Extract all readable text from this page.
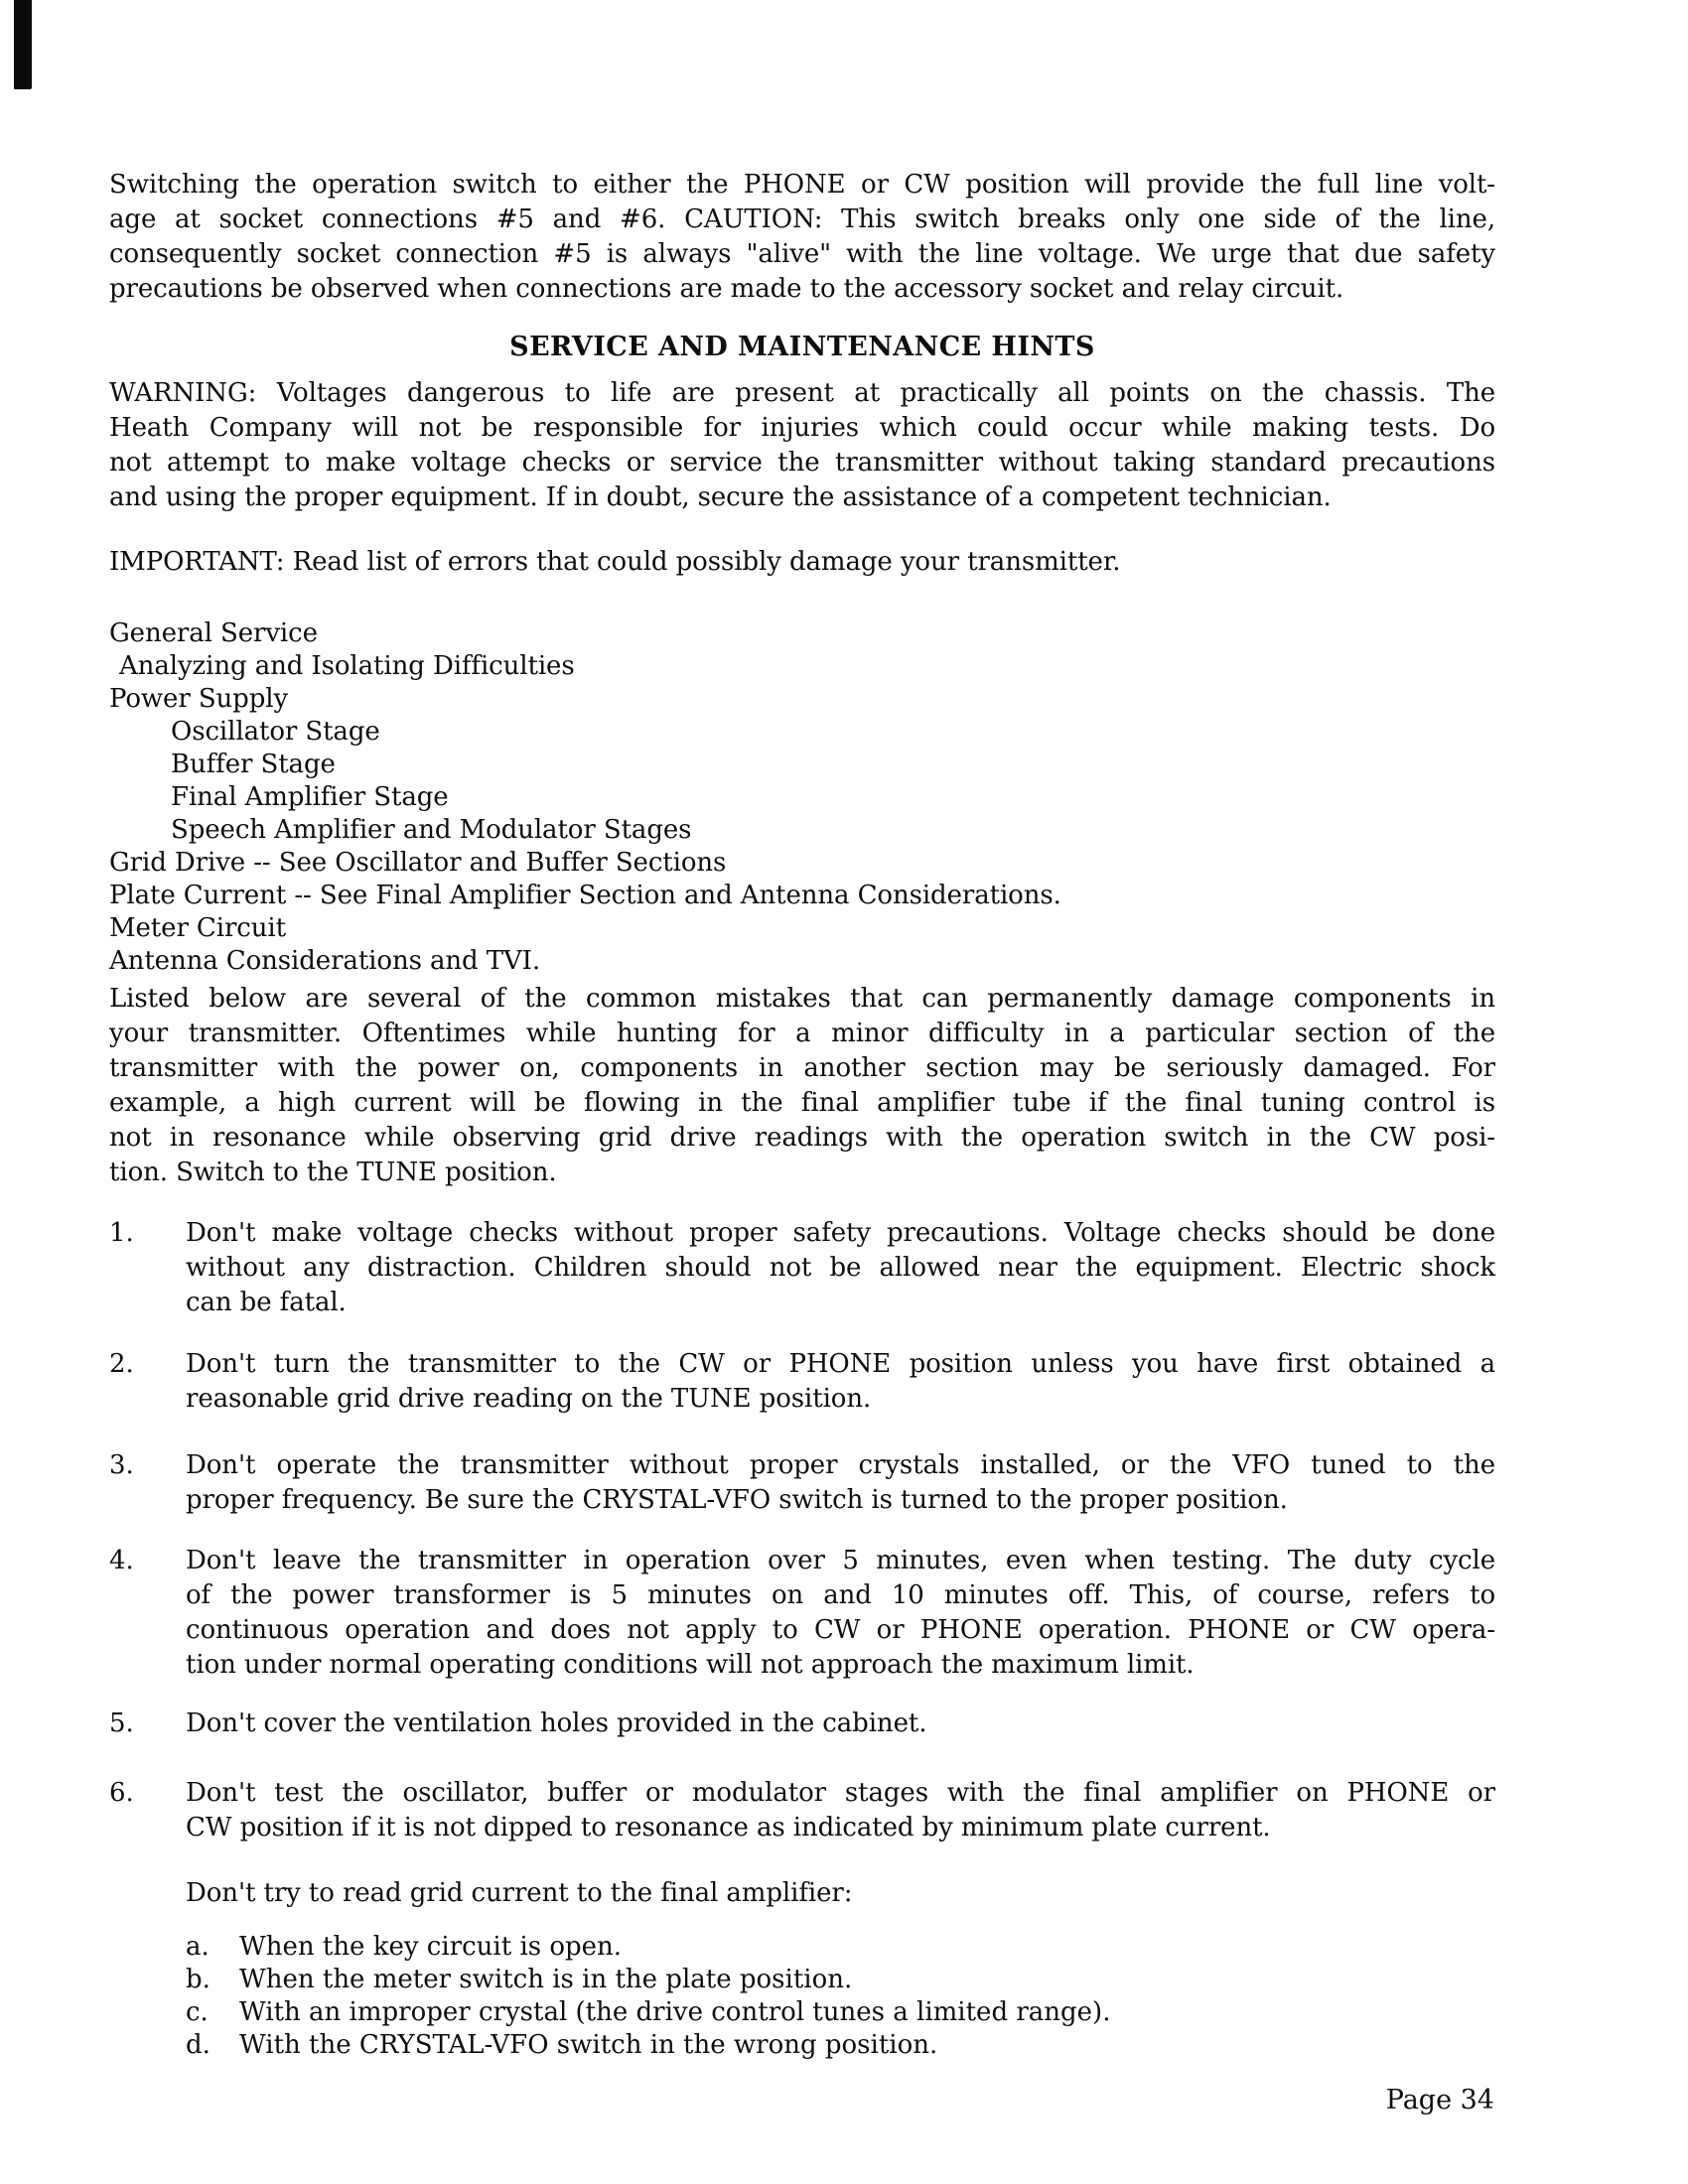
Switching the operation switch to either the PHONE or CW position will provide the full line volt-
age at socket connections #5 and #6. CAUTION: This switch breaks only one side of the line,
consequently socket connection #5 is always "alive" with the line voltage. We urge that due safety
precautions be observed when connections are made to the accessory socket and relay circuit.
SERVICE AND MAINTENANCE HINTS
WARNING: Voltages dangerous to life are present at practically all points on the chassis. The
Heath Company will not be responsible for injuries which could occur while making tests. Do
not attempt to make voltage checks or service the transmitter without taking standard precautions
and using the proper equipment. If in doubt, secure the assistance of a competent technician.
IMPORTANT: Read list of errors that could possibly damage your transmitter.
General Service
Analyzing and Isolating Difficulties
Power Supply
Oscillator Stage
Buffer Stage
Final Amplifier Stage
Speech Amplifier and Modulator Stages
Grid Drive -- See Oscillator and Buffer Sections
Plate Current -- See Final Amplifier Section and Antenna Considerations.
Meter Circuit
Antenna Considerations and TVI.
Listed below are several of the common mistakes that can permanently damage components in
your transmitter. Oftentimes while hunting for a minor difficulty in a particular section of the
transmitter with the power on, components in another section may be seriously damaged. For
example, a high current will be flowing in the final amplifier tube if the final tuning control is
not in resonance while observing grid drive readings with the operation switch in the CW posi-
tion. Switch to the TUNE position.
1.	Don't make voltage checks without proper safety precautions. Voltage checks should be done
without any distraction. Children should not be allowed near the equipment. Electric shock
can be fatal.
2.	Don't turn the transmitter to the CW or PHONE position unless you have first obtained a
reasonable grid drive reading on the TUNE position.
3.	Don't operate the transmitter without proper crystals installed, or the VFO tuned to the
proper frequency. Be sure the CRYSTAL-VFO switch is turned to the proper position.
4.	Don't leave the transmitter in operation over 5 minutes, even when testing. The duty cycle
of the power transformer is 5 minutes on and 10 minutes off. This, of course, refers to
continuous operation and does not apply to CW or PHONE operation. PHONE or CW opera-
tion under normal operating conditions will not approach the maximum limit.
5.	Don't cover the ventilation holes provided in the cabinet.
6.	Don't test the oscillator, buffer or modulator stages with the final amplifier on PHONE or
CW position if it is not dipped to resonance as indicated by minimum plate current.
Don't try to read grid current to the final amplifier:
a.	When the key circuit is open.
b.	When the meter switch is in the plate position.
c.	With an improper crystal (the drive control tunes a limited range).
d.	With the CRYSTAL-VFO switch in the wrong position.
Page 34
